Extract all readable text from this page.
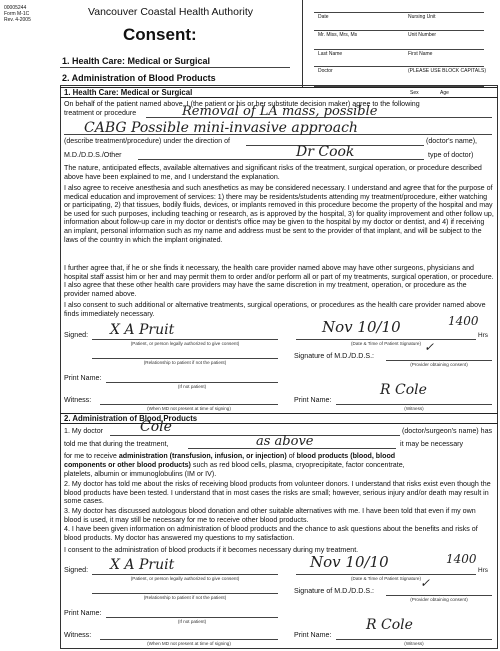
00005244
Form M-1C
Rev. 4-2005
Vancouver Coastal Health Authority
Consent:
1. Health Care: Medical or Surgical
2. Administration of Blood Products
Date	Nursing Unit
Mr. Miss, Mrs, Ms	Unit Number
Last Name	First Name
Doctor	(PLEASE USE BLOCK CAPITALS)
Sex	Age
1. Health Care: Medical or Surgical
On behalf of the patient named above, I (the patient or his or her substitute decision maker) agree to the following
treatment or procedure	Removal of LA mass, possible
CABG Possible mini-invasive approach
(describe treatment/procedure) under the direction of	(doctor's name),
M.D./D.D.S./Other	Dr Cook	type of doctor)
The nature, anticipated effects, available alternatives and significant risks of the treatment, surgical operation, or procedure described above have been explained to me, and I understand the explanation.
I also agree to receive anesthesia and such anesthetics as may be considered necessary. I understand and agree that for the purpose of medical education and improvement of services: 1) there may be residents/students attending my treatment/procedure, either watching or participating, 2) that tissues, bodily fluids, devices, or implants removed in this procedure become the property of the hospital and may be used for such purposes, including teaching or research, as is approved by the hospital, 3) for quality improvement and other follow up, information about follow-up care in my doctor or dentist's office may be given to the hospital by my doctor or dentist, and 4) if receiving an implant, personal information such as my name and address must be sent to the provider of that implant, and will be subject to the laws of the country in which the implant originated.
I further agree that, if he or she finds it necessary, the health care provider named above may have other surgeons, physicians and hospital staff assist him or her and may permit them to order and/or perform all or part of my treatments, surgical operation, or procedure. I also agree that these other health care providers may have the same discretion in my treatment, operation, or procedure as the provider named above.
I also consent to such additional or alternative treatments, surgical operations, or procedures as the health care provider named above finds immediately necessary.
Signed: X A Pruit
(Patient, or person legally authorized to give consent)
Nov 10/10	1400
Hrs
(Date & Time of Patient Signature)
(Relationship to patient if not the patient)
Signature of M.D./D.D.S.:
✓
(Provider obtaining consent)
Print Name:
(If not patient)
Witness:
(When MD not present at time of signing)
Print Name:
R Cole
(Witness)
2. Administration of Blood Products
1. My doctor	Cole	(doctor/surgeon's name) has
told me that during the treatment,	as above	it may be necessary
for me to receive administration (transfusion, infusion, or injection) of blood products (blood, blood
components or other blood products) such as red blood cells, plasma, cryoprecipitate, factor concentrate,
platelets, albumin or immunoglobulins (IM or IV).
2. My doctor has told me about the risks of receiving blood products from volunteer donors. I understand that risks exist even though the blood products have been tested. I understand that in most cases the risks are small; however, serious injury and/or death may result in some cases.
3. My doctor has discussed autologous blood donation and other suitable alternatives with me. I have been told that even if my own blood is used, it may still be necessary for me to receive other blood products.
4. I have been given information on administration of blood products and the chance to ask questions about the benefits and risks of blood products. My doctor has answered my questions to my satisfaction.
I consent to the administration of blood products if it becomes necessary during my treatment.
Signed: X A Pruit
(Patient, or person legally authorized to give consent)
Nov 10/10	1400
Hrs
(Date & Time of Patient Signature)
(Relationship to patient if not the patient)
Signature of M.D./D.D.S.:
✓
(Provider obtaining consent)
Print Name:
(If not patient)
Witness:
(When MD not present at time of signing)
Print Name:
R Cole
(Witness)
